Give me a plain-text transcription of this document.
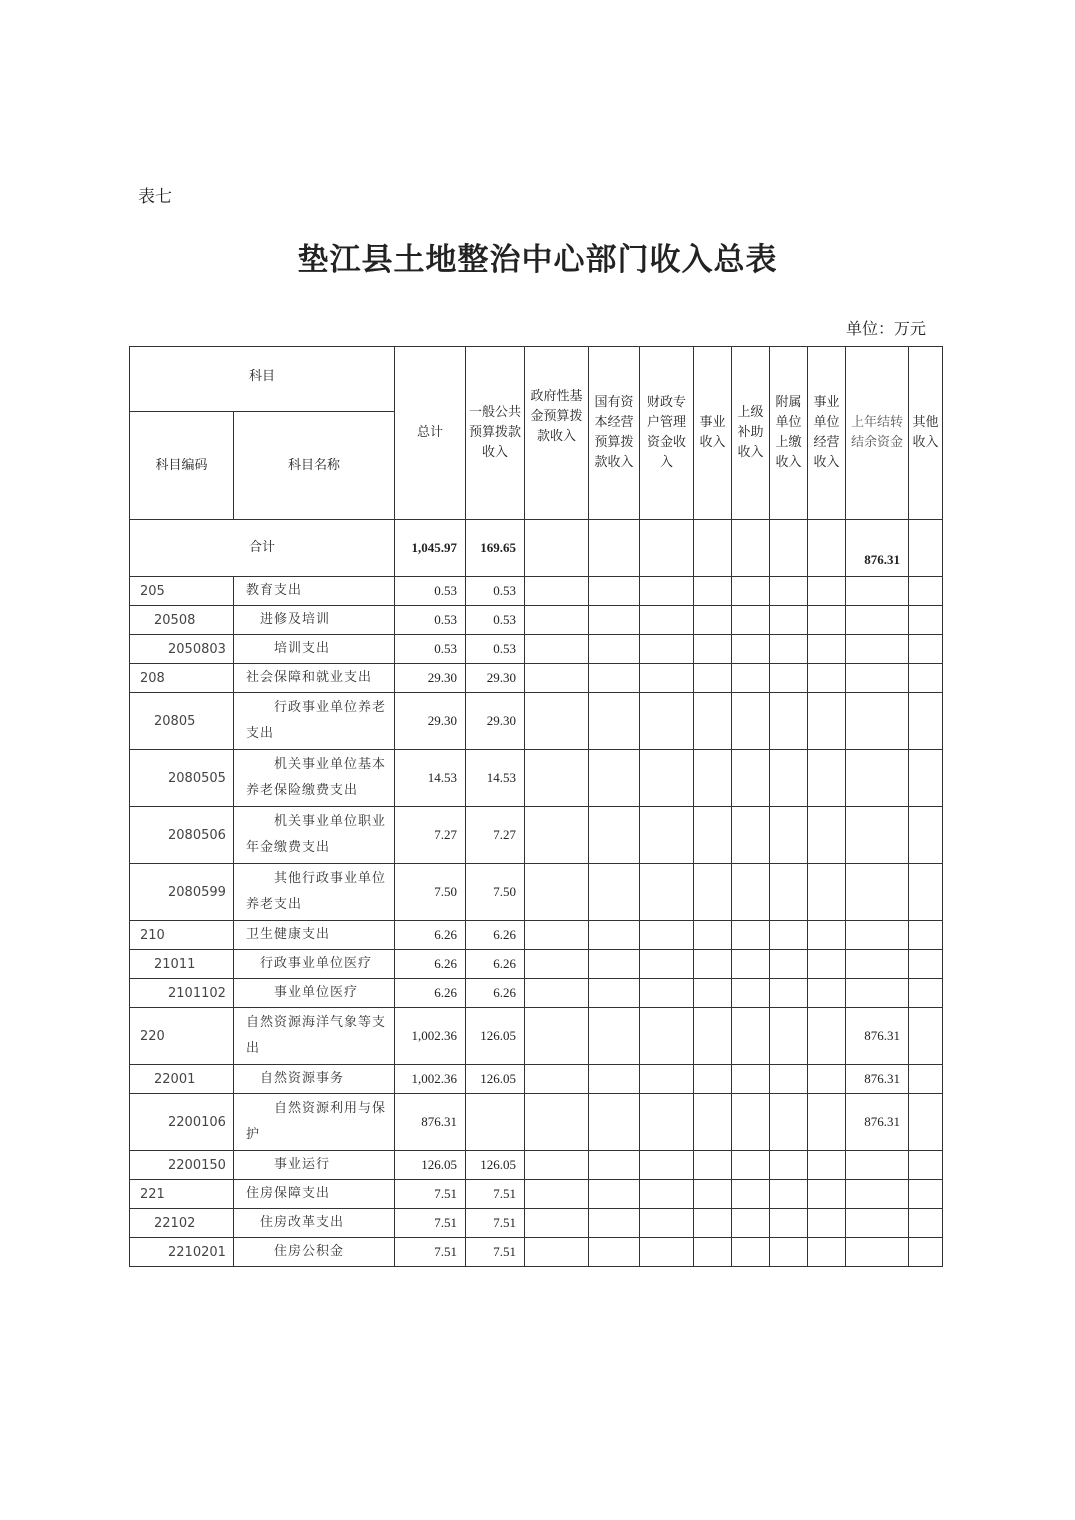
表七
垫江县土地整治中心部门收入总表
单位：万元
科目		总计	一般公共预算拨款收入	政府性基金预算拨款收入	国有资本经营预算拨款收入	财政专户管理资金收入	事业收入	上级补助收入	附属单位上缴收入	事业单位经营收入	上年结转结余资金	其他收入
科目编码	科目名称											
合计		1,045.97	169.65								876.31	
205	教育支出	0.53	0.53									
20508	进修及培训	0.53	0.53									
2050803	培训支出	0.53	0.53									
208	社会保障和就业支出	29.30	29.30									
20805	行政事业单位养老支出	29.30	29.30									
2080505	机关事业单位基本养老保险缴费支出	14.53	14.53									
2080506	机关事业单位职业年金缴费支出	7.27	7.27									
2080599	其他行政事业单位养老支出	7.50	7.50									
210	卫生健康支出	6.26	6.26									
21011	行政事业单位医疗	6.26	6.26									
2101102	事业单位医疗	6.26	6.26									
220	自然资源海洋气象等支出	1,002.36	126.05								876.31	
22001	自然资源事务	1,002.36	126.05								876.31	
2200106	自然资源利用与保护	876.31									876.31	
2200150	事业运行	126.05	126.05									
221	住房保障支出	7.51	7.51									
22102	住房改革支出	7.51	7.51									
2210201	住房公积金	7.51	7.51									
